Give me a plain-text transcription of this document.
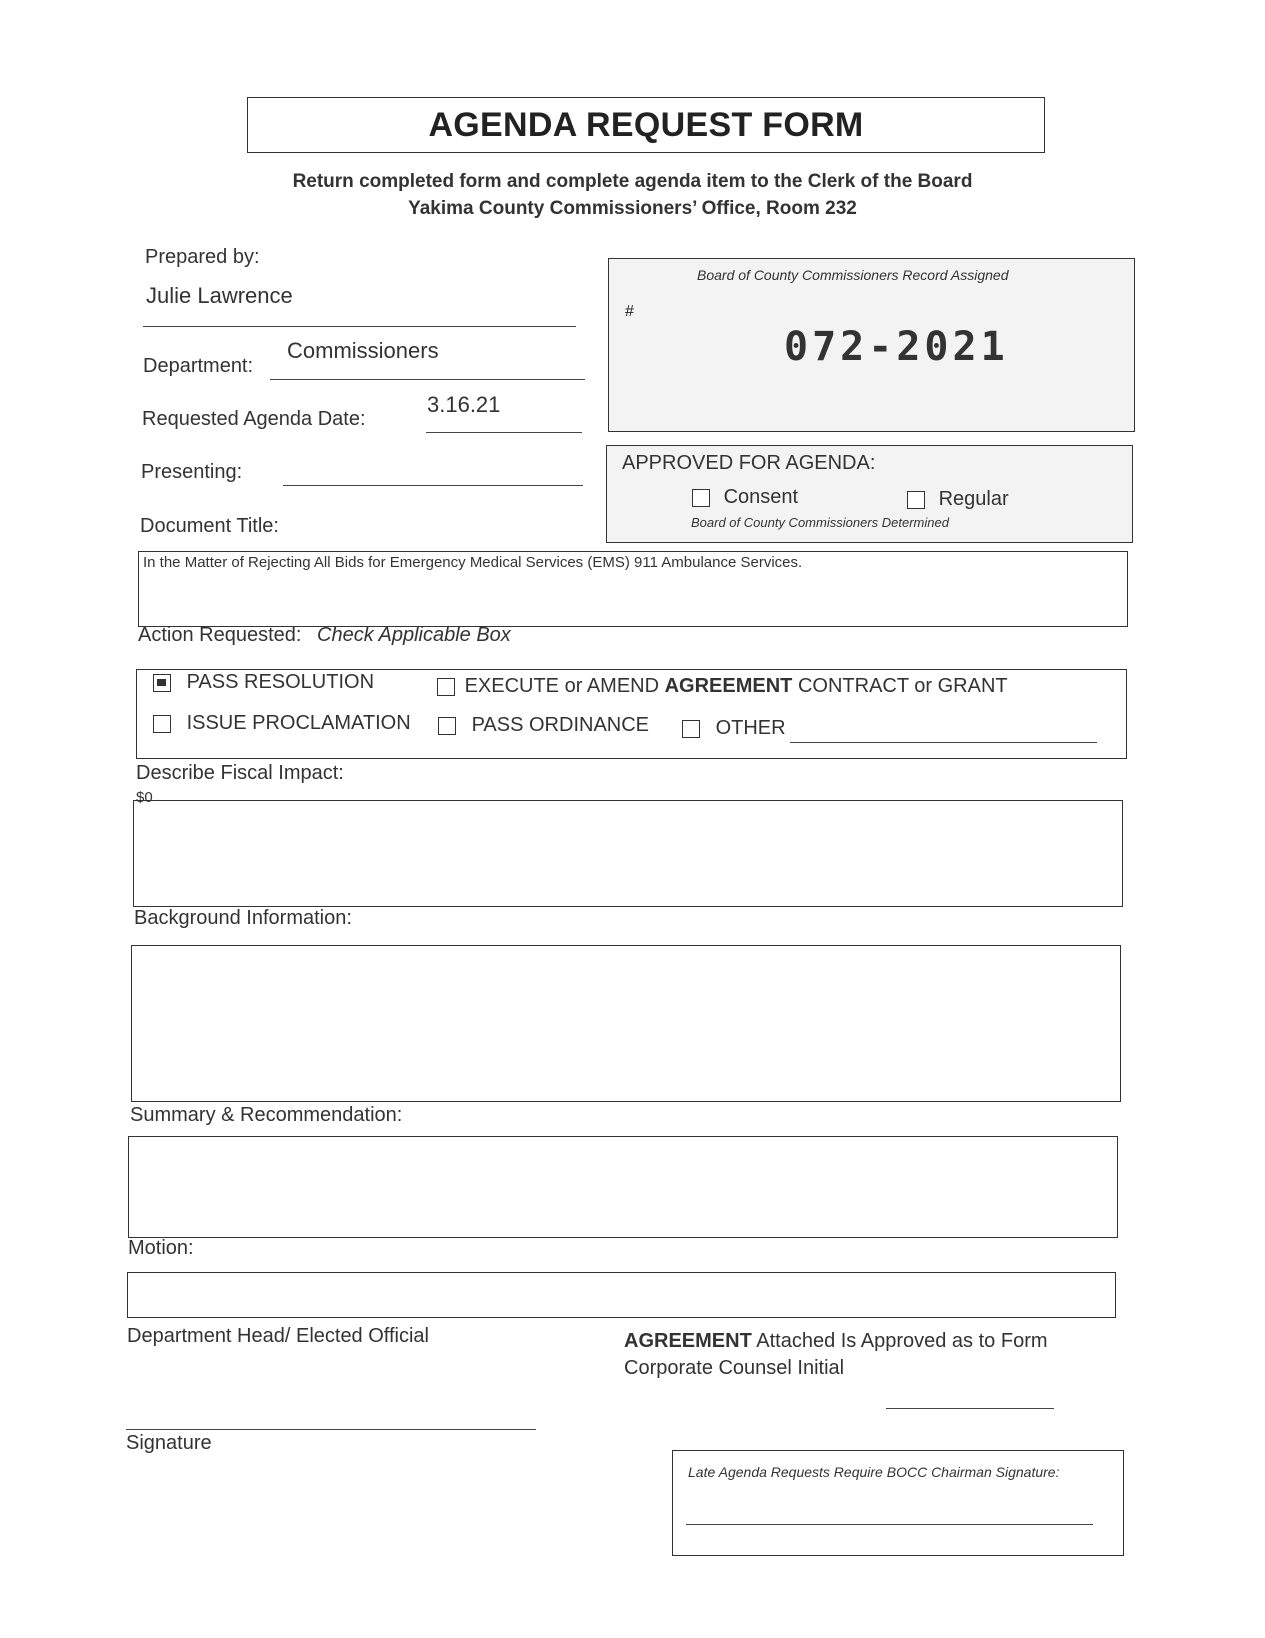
AGENDA REQUEST FORM
Return completed form and complete agenda item to the Clerk of the Board
Yakima County Commissioners’ Office, Room 232
Prepared by:
Julie Lawrence
Department:
Commissioners
Requested Agenda Date:
3.16.21
Presenting:
Document Title:
Board of County Commissioners Record Assigned
#
072-2021
APPROVED FOR AGENDA:
Consent	Regular
Board of County Commissioners Determined
In the Matter of Rejecting All Bids for Emergency Medical Services (EMS) 911 Ambulance Services.
Action Requested: Check Applicable Box
PASS RESOLUTION	EXECUTE or AMEND AGREEMENT CONTRACT or GRANT
ISSUE PROCLAMATION	PASS ORDINANCE	OTHER
Describe Fiscal Impact:
$0
Background Information:
Summary & Recommendation:
Motion:
Department Head/ Elected Official
Signature
AGREEMENT Attached Is Approved as to Form
Corporate Counsel Initial
Late Agenda Requests Require BOCC Chairman Signature:
